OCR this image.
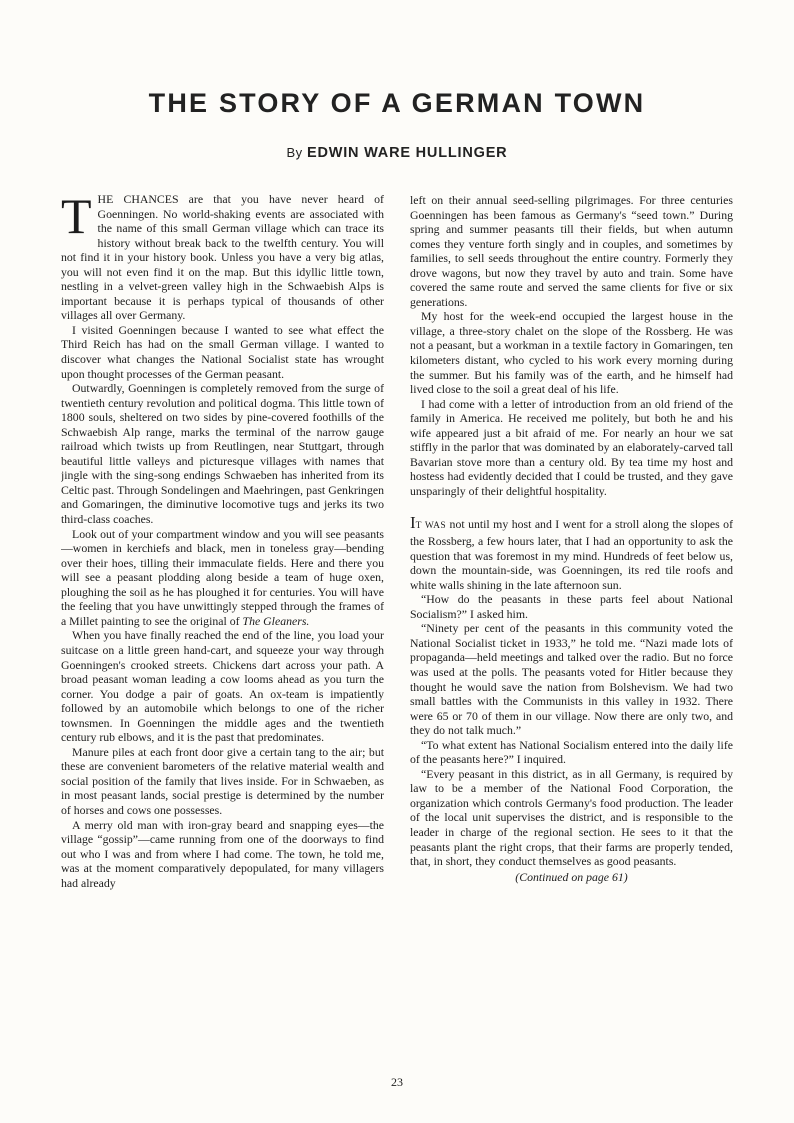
THE STORY OF A GERMAN TOWN
By EDWIN WARE HULLINGER

THE CHANCES are that you have never heard of Goenningen. No world-shaking events are associated with the name of this small German village which can trace its history without break back to the twelfth century. You will not find it in your history book. Unless you have a very big atlas, you will not even find it on the map. But this idyllic little town, nestling in a velvet-green valley high in the Schwaebish Alps is important because it is perhaps typical of thousands of other villages all over Germany.

I visited Goenningen because I wanted to see what effect the Third Reich has had on the small German village. I wanted to discover what changes the National Socialist state has wrought upon thought processes of the German peasant.

Outwardly, Goenningen is completely removed from the surge of twentieth century revolution and political dogma. This little town of 1800 souls, sheltered on two sides by pine-covered foothills of the Schwaebish Alp range, marks the terminal of the narrow gauge railroad which twists up from Reutlingen, near Stuttgart, through beautiful little valleys and picturesque villages with names that jingle with the sing-song endings Schwaeben has inherited from its Celtic past. Through Sondelingen and Maehringen, past Genkringen and Gomaringen, the diminutive locomotive tugs and jerks its two third-class coaches.

Look out of your compartment window and you will see peasants—women in kerchiefs and black, men in toneless gray—bending over their hoes, tilling their immaculate fields. Here and there you will see a peasant plodding along beside a team of huge oxen, ploughing the soil as he has ploughed it for centuries. You will have the feeling that you have unwittingly stepped through the frames of a Millet painting to see the original of The Gleaners.

When you have finally reached the end of the line, you load your suitcase on a little green hand-cart, and squeeze your way through Goenningen's crooked streets. Chickens dart across your path. A broad peasant woman leading a cow looms ahead as you turn the corner. You dodge a pair of goats. An ox-team is impatiently followed by an automobile which belongs to one of the richer townsmen. In Goenningen the middle ages and the twentieth century rub elbows, and it is the past that predominates.

Manure piles at each front door give a certain tang to the air; but these are convenient barometers of the relative material wealth and social position of the family that lives inside. For in Schwaeben, as in most peasant lands, social prestige is determined by the number of horses and cows one possesses.

A merry old man with iron-gray beard and snapping eyes—the village “gossip”—came running from one of the doorways to find out who I was and from where I had come. The town, he told me, was at the moment comparatively depopulated, for many villagers had already

left on their annual seed-selling pilgrimages. For three centuries Goenningen has been famous as Germany's “seed town.” During spring and summer peasants till their fields, but when autumn comes they venture forth singly and in couples, and sometimes by families, to sell seeds throughout the entire country. Formerly they drove wagons, but now they travel by auto and train. Some have covered the same route and served the same clients for five or six generations.

My host for the week-end occupied the largest house in the village, a three-story chalet on the slope of the Rossberg. He was not a peasant, but a workman in a textile factory in Gomaringen, ten kilometers distant, who cycled to his work every morning during the summer. But his family was of the earth, and he himself had lived close to the soil a great deal of his life.

I had come with a letter of introduction from an old friend of the family in America. He received me politely, but both he and his wife appeared just a bit afraid of me. For nearly an hour we sat stiffly in the parlor that was dominated by an elaborately-carved tall Bavarian stove more than a century old. By tea time my host and hostess had evidently decided that I could be trusted, and they gave unsparingly of their delightful hospitality.

IT WAS not until my host and I went for a stroll along the slopes of the Rossberg, a few hours later, that I had an opportunity to ask the question that was foremost in my mind. Hundreds of feet below us, down the mountain-side, was Goenningen, its red tile roofs and white walls shining in the late afternoon sun.

“How do the peasants in these parts feel about National Socialism?” I asked him.

“Ninety per cent of the peasants in this community voted the National Socialist ticket in 1933,” he told me. “Nazi made lots of propaganda—held meetings and talked over the radio. But no force was used at the polls. The peasants voted for Hitler because they thought he would save the nation from Bolshevism. We had two small battles with the Communists in this valley in 1932. There were 65 or 70 of them in our village. Now there are only two, and they do not talk much.”

“To what extent has National Socialism entered into the daily life of the peasants here?” I inquired.

“Every peasant in this district, as in all Germany, is required by law to be a member of the National Food Corporation, the organization which controls Germany's food production. The leader of the local unit supervises the district, and is responsible to the leader in charge of the regional section. He sees to it that the peasants plant the right crops, that their farms are properly tended, that, in short, they conduct themselves as good peasants.

(Continued on page 61)

23
